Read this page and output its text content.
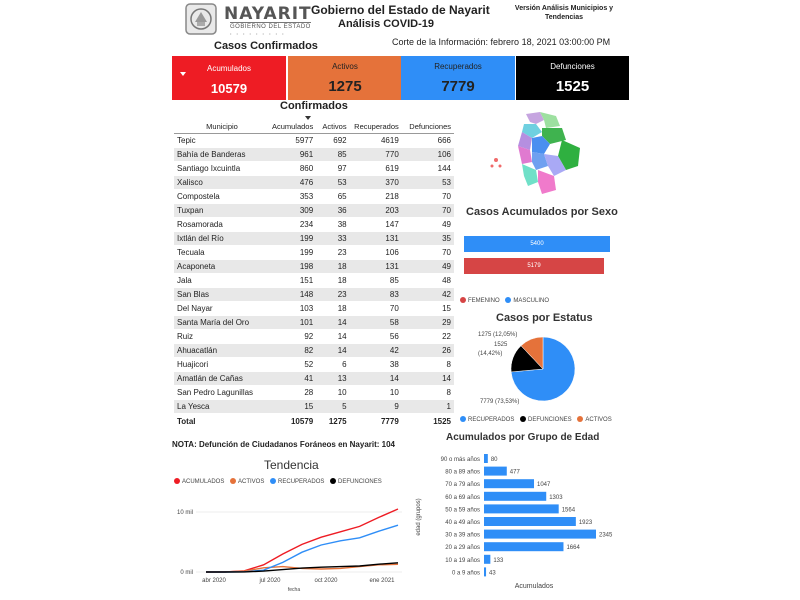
NAYARIT
GOBIERNO DEL ESTADO
• • • • • • • • •
Gobierno del Estado de Nayarit
Análisis COVID-19
Versión Análisis Municipios y Tendencias
Casos Confirmados	Corte de la Información: febrero 18, 2021 03:00:00 PM
Acumulados
10579
Activos
1275
Recuperados
7779
Defunciones
1525
Confirmados
Municipio	Acumulados	Activos	Recuperados	Defunciones
Tepic	5977	692	4619	666
Bahía de Banderas	961	85	770	106
Santiago Ixcuintla	860	97	619	144
Xalisco	476	53	370	53
Compostela	353	65	218	70
Tuxpan	309	36	203	70
Rosamorada	234	38	147	49
Ixtlán del Río	199	33	131	35
Tecuala	199	23	106	70
Acaponeta	198	18	131	49
Jala	151	18	85	48
San Blas	148	23	83	42
Del Nayar	103	18	70	15
Santa María del Oro	101	14	58	29
Ruiz	92	14	56	22
Ahuacatlán	82	14	42	26
Huajicori	52	6	38	8
Amatlán de Cañas	41	13	14	14
San Pedro Lagunillas	28	10	10	8
La Yesca	15	5	9	1
Total	10579	1275	7779	1525
NOTA: Defunción de Ciudadanos Foráneos en Nayarit: 104
Casos Acumulados por Sexo
5400
5179
FEMENINO MASCULINO
Casos por Estatus
1275 (12,05%)
1525
(14,42%)
7779 (73,53%)
RECUPERADOS DEFUNCIONES ACTIVOS
Acumulados por Grupo de Edad
90 o más años 80
80 a 89 años	477
70 a 79 años	1047
60 a 69 años	1303
50 a 59 años	1564
40 a 49 años	1923
30 a 39 años	2345
20 a 29 años	1664
10 a 19 años 133
0 a 9 años 43
edad (grupos)
Acumulados
Tendencia
ACUMULADOS ACTIVOS RECUPERADOS DEFUNCIONES
0 mil
10 mil
abr 2020	jul 2020	oct 2020	ene 2021
fecha
